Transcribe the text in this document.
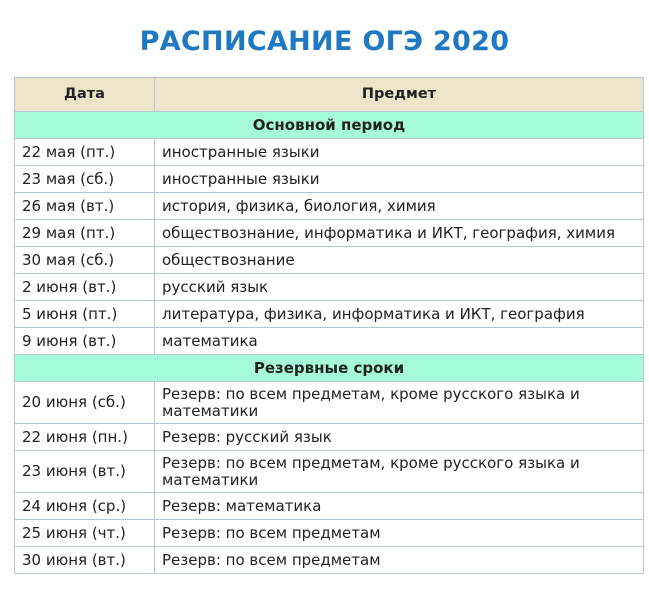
РАСПИСАНИЕ ОГЭ 2020
Дата	Предмет
Основной период	
22 мая (пт.)	иностранные языки
23 мая (сб.)	иностранные языки
26 мая (вт.)	история, физика, биология, химия
29 мая (пт.)	обществознание, информатика и ИКТ, география, химия
30 мая (сб.)	обществознание
2 июня (вт.)	русский язык
5 июня (пт.)	литература, физика, информатика и ИКТ, география
9 июня (вт.)	математика
Резервные сроки	
20 июня (сб.)	Резерв: по всем предметам, кроме русского языка и математики
22 июня (пн.)	Резерв: русский язык
23 июня (вт.)	Резерв: по всем предметам, кроме русского языка и математики
24 июня (ср.)	Резерв: математика
25 июня (чт.)	Резерв: по всем предметам
30 июня (вт.)	Резерв: по всем предметам
